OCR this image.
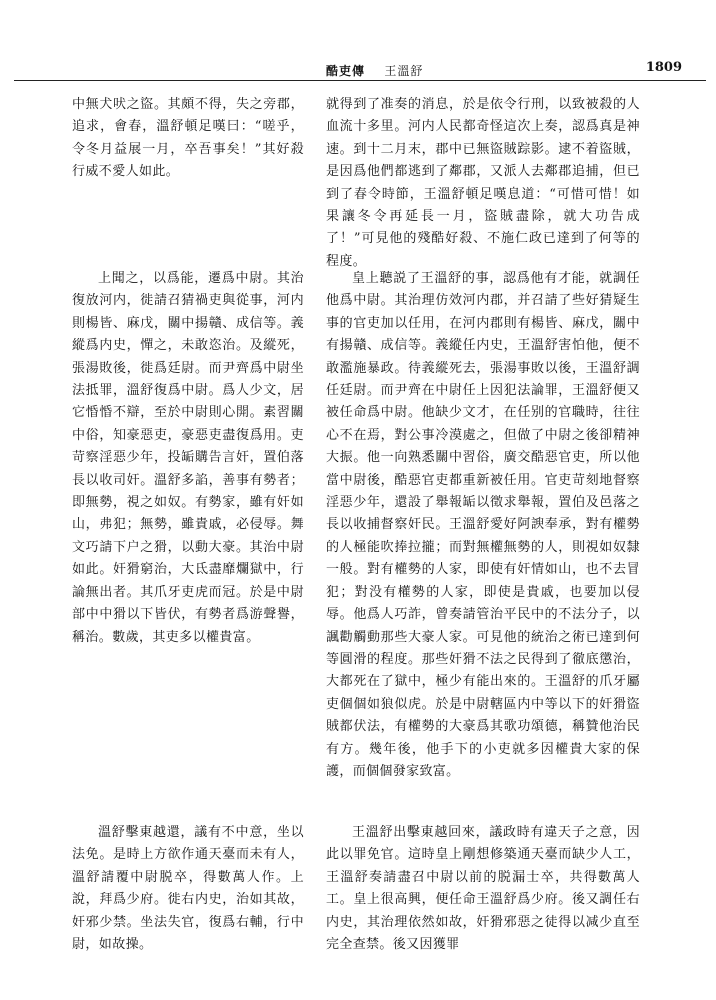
酷吏傳 王溫舒	1809

中無犬吠之盜。其頗不得，失之旁郡，追求，會春，溫舒頓足嘆曰：“嗟乎，令冬月益展一月，卒吾事矣！”其好殺行威不愛人如此。

上聞之，以爲能，遷爲中尉。其治復放河内，徙請召猜禍吏與從事，河内則楊皆、麻戊，關中揚贛、成信等。義縱爲内史，憚之，未敢恣治。及縱死，張湯敗後，徙爲廷尉。而尹齊爲中尉坐法抵罪，溫舒復爲中尉。爲人少文，居它惛惛不辯，至於中尉則心開。素習關中俗，知豪惡吏，豪惡吏盡復爲用。吏苛察淫惡少年，投缿購告言奸，置伯落長以收司奸。溫舒多諂，善事有勢者；即無勢，視之如奴。有勢家，雖有奸如山，弗犯；無勢，雖貴戚，必侵辱。舞文巧請下户之猾，以動大豪。其治中尉如此。奸猾窮治，大氐盡靡爛獄中，行論無出者。其爪牙吏虎而冠。於是中尉部中中猾以下皆伏，有勢者爲游聲譽，稱治。數歲，其吏多以權貴富。

溫舒擊東越還，議有不中意，坐以法免。是時上方欲作通天臺而未有人，溫舒請覆中尉脱卒，得數萬人作。上說，拜爲少府。徙右内史，治如其故，奸邪少禁。坐法失官，復爲右輔，行中尉，如故操。

就得到了准奏的消息，於是依令行刑，以致被殺的人血流十多里。河内人民都奇怪這次上奏，認爲真是神速。到十二月末，郡中已無盜賊踪影。逮不着盜賊，是因爲他們都逃到了鄰郡，又派人去鄰郡追捕，但已到了春令時節，王溫舒頓足嘆息道：“可惜可惜！如果讓冬令再延長一月，盜賊盡除，就大功告成了！”可見他的殘酷好殺、不施仁政已達到了何等的程度。

皇上聽説了王溫舒的事，認爲他有才能，就調任他爲中尉。其治理仿效河内郡，并召請了些好猜疑生事的官吏加以任用，在河内郡則有楊皆、麻戊，關中有揚贛、成信等。義縱任内史，王溫舒害怕他，便不敢濫施暴政。待義縱死去，張湯事敗以後，王溫舒調任廷尉。而尹齊在中尉任上因犯法論罪，王溫舒便又被任命爲中尉。他缺少文才，在任别的官職時，往往心不在焉，對公事冷漠處之，但做了中尉之後卻精神大振。他一向熟悉關中習俗，廣交酷惡官吏，所以他當中尉後，酷惡官吏都重新被任用。官吏苛刻地督察淫惡少年，還設了舉報缿以徵求舉報，置伯及邑落之長以收捕督察奸民。王溫舒愛好阿諛奉承，對有權勢的人極能吹捧拉攏；而對無權無勢的人，則視如奴隸一般。對有權勢的人家，即使有奸情如山，也不去冒犯；對没有權勢的人家，即使是貴戚，也要加以侵辱。他爲人巧詐，曾奏請管治平民中的不法分子，以諷勸觸動那些大豪人家。可見他的統治之術已達到何等圓滑的程度。那些奸猾不法之民得到了徹底懲治，大都死在了獄中，極少有能出來的。王溫舒的爪牙屬吏個個如狼似虎。於是中尉轄區内中等以下的奸猾盜賊都伏法，有權勢的大豪爲其歌功頌德，稱贊他治民有方。幾年後，他手下的小吏就多因權貴大家的保護，而個個發家致富。

王溫舒出擊東越回來，議政時有違天子之意，因此以罪免官。這時皇上剛想修築通天臺而缺少人工，王溫舒奏請盡召中尉以前的脱漏士卒，共得數萬人工。皇上很高興，便任命王溫舒爲少府。後又調任右内史，其治理依然如故，奸猾邪惡之徒得以减少直至完全查禁。後又因獲罪
